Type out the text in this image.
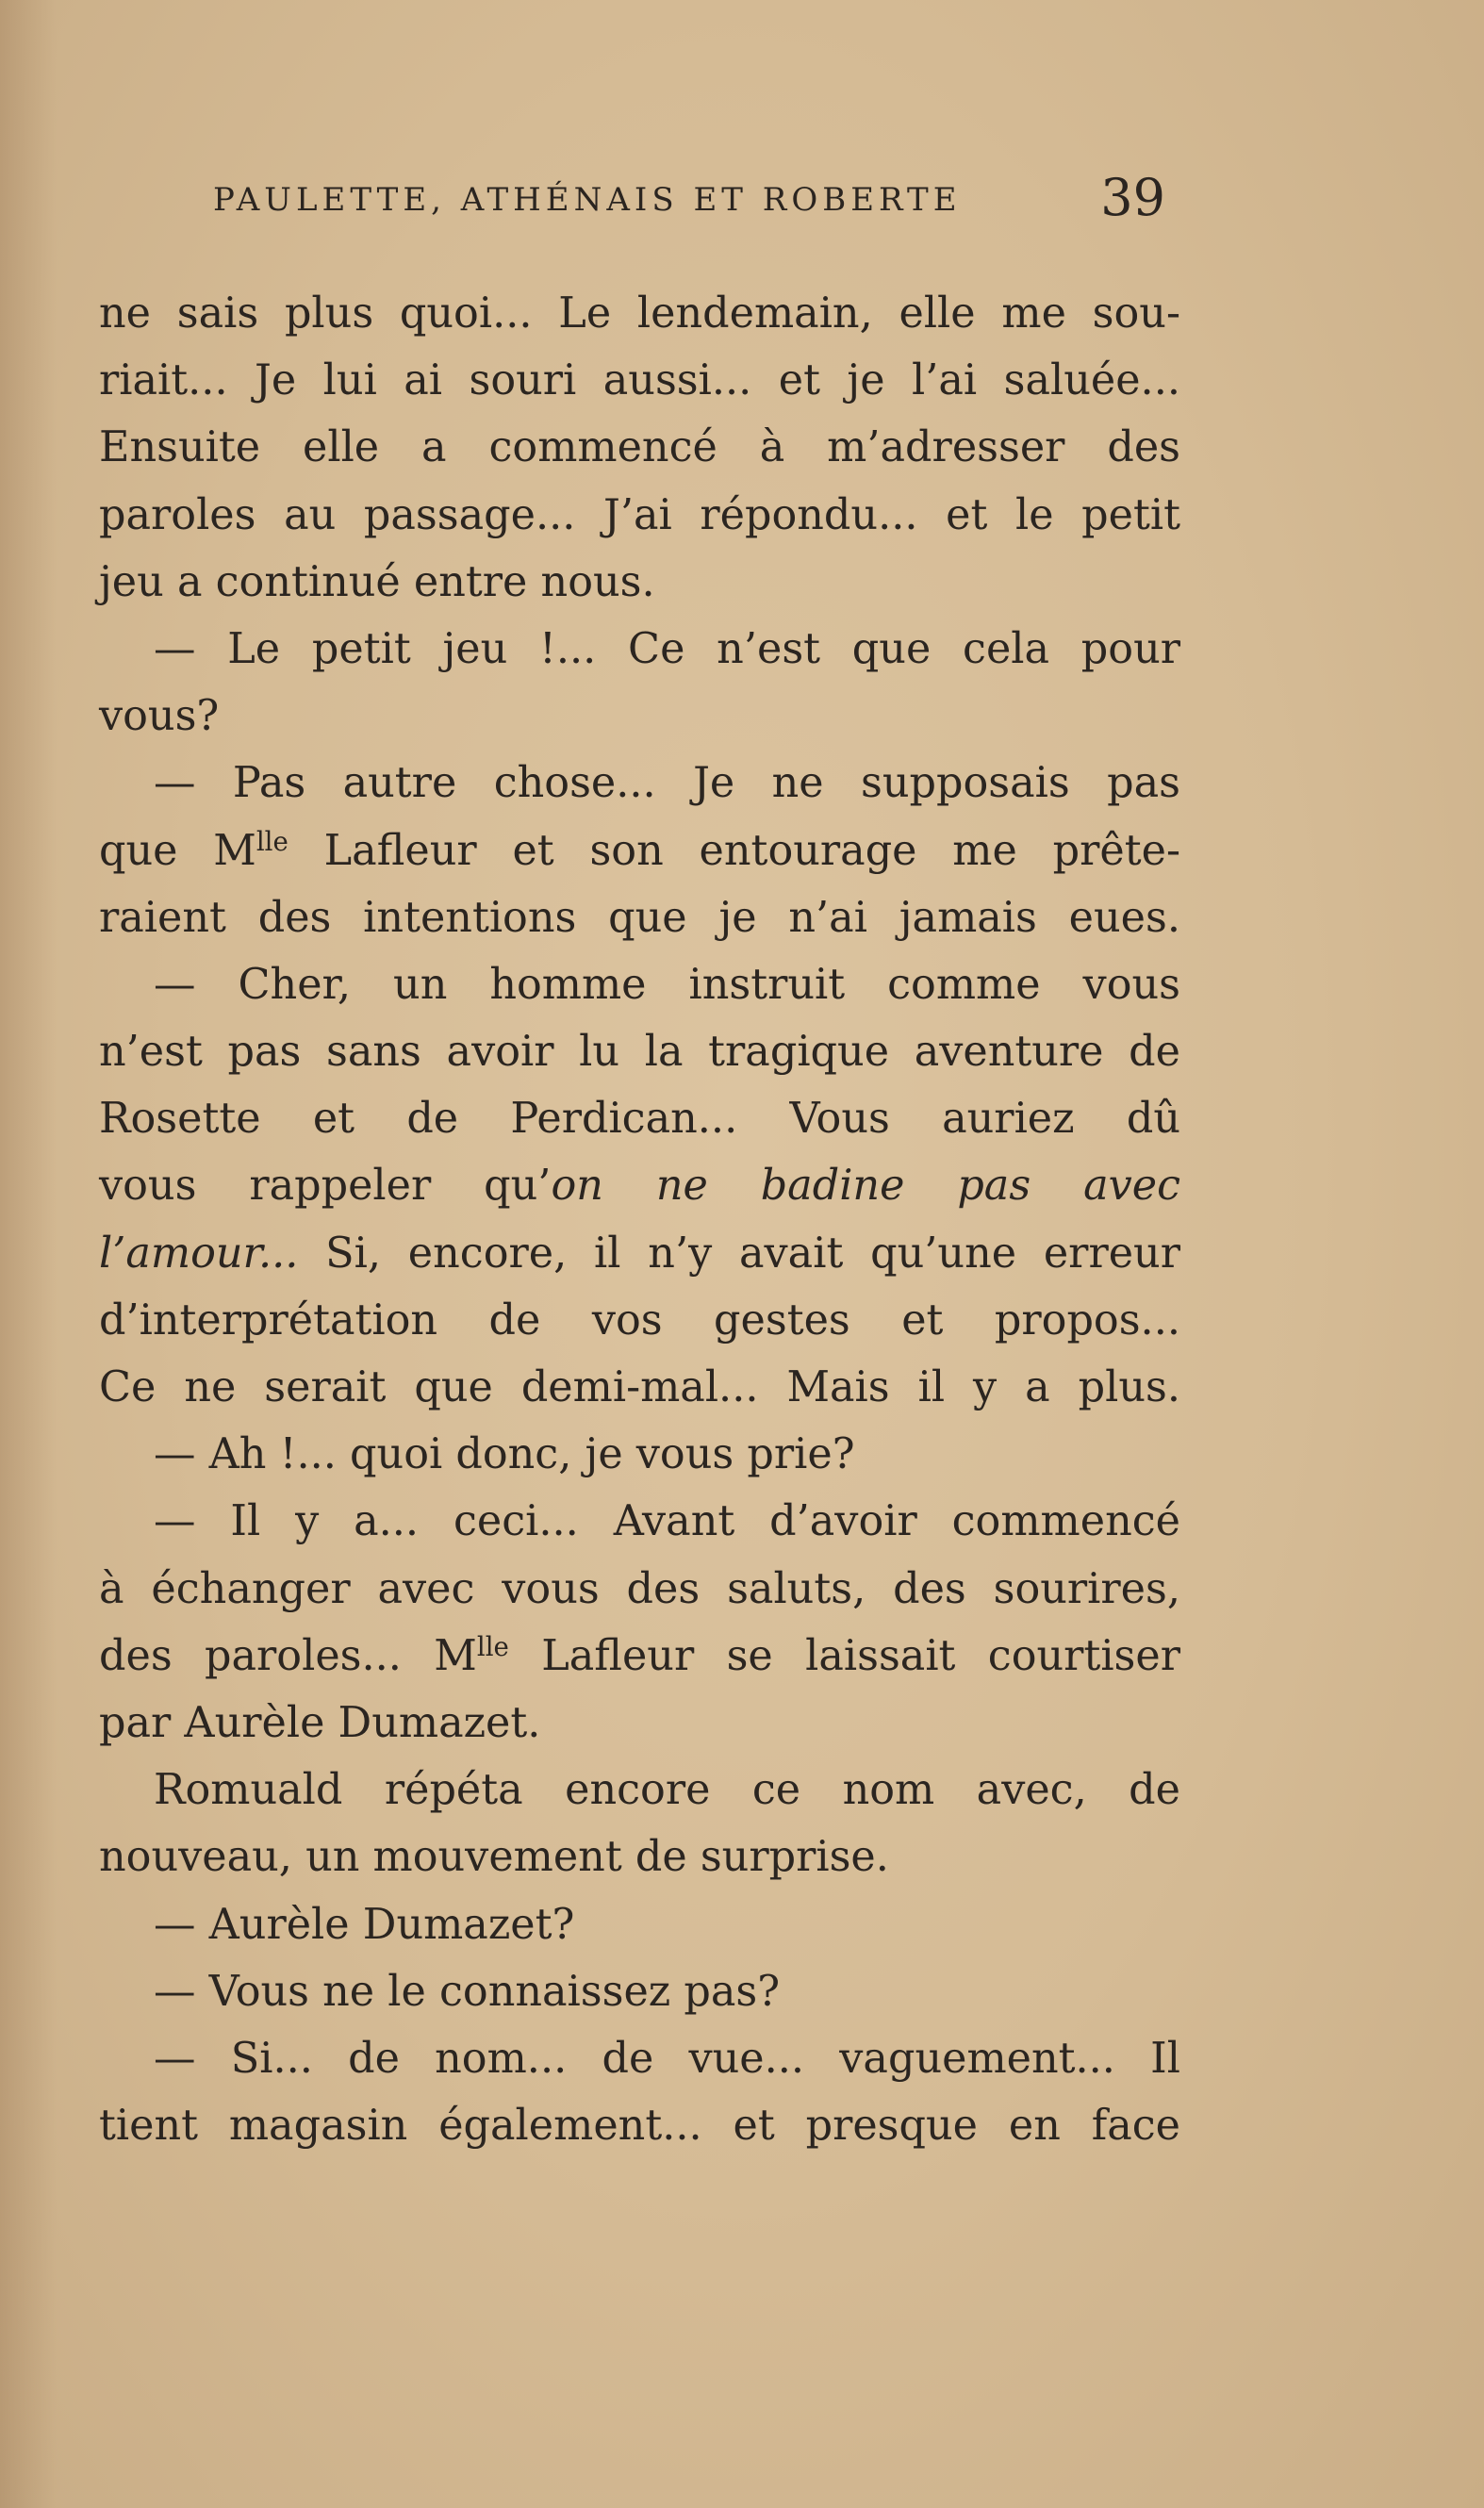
PAULETTE, ATHÉNAIS ET ROBERTE	39
ne sais plus quoi... Le lendemain, elle me sou-
riait... Je lui ai souri aussi... et je l’ai saluée...
Ensuite elle a commencé à m’adresser des
paroles au passage... J’ai répondu... et le petit
jeu a continué entre nous.
— Le petit jeu !... Ce n’est que cela pour
vous?
— Pas autre chose... Je ne supposais pas
que $M^{lle}$ Lafleur et son entourage me prête-
raient des intentions que je n’ai jamais eues.
— Cher, un homme instruit comme vous
n’est pas sans avoir lu la tragique aventure de
Rosette et de Perdican... Vous auriez dû
vous rappeler qu’on ne badine pas avec
l’amour... Si, encore, il n’y avait qu’une erreur
d’interprétation de vos gestes et propos...
Ce ne serait que demi-mal... Mais il y a plus.
— Ah !... quoi donc, je vous prie?
— Il y a... ceci... Avant d’avoir commencé
à échanger avec vous des saluts, des sourires,
des paroles... $M^{lle}$ Lafleur se laissait courtiser
par Aurèle Dumazet.
Romuald répéta encore ce nom avec, de
nouveau, un mouvement de surprise.
— Aurèle Dumazet?
— Vous ne le connaissez pas?
— Si... de nom... de vue... vaguement... Il
tient magasin également... et presque en face
